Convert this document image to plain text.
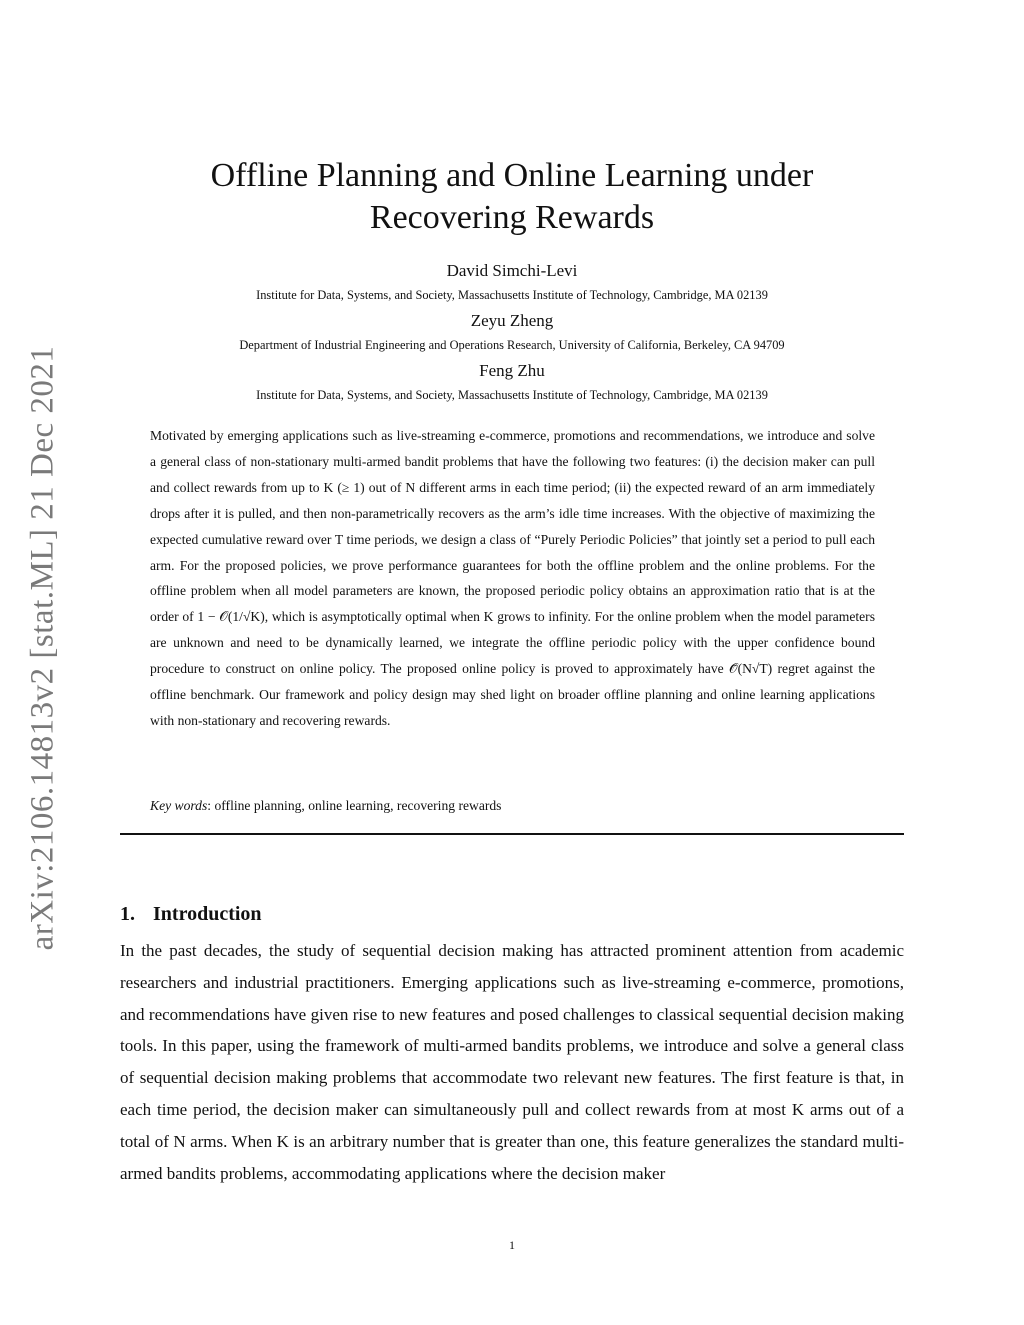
arXiv:2106.14813v2 [stat.ML] 21 Dec 2021
Offline Planning and Online Learning under
Recovering Rewards
David Simchi-Levi
Institute for Data, Systems, and Society, Massachusetts Institute of Technology, Cambridge, MA 02139
Zeyu Zheng
Department of Industrial Engineering and Operations Research, University of California, Berkeley, CA 94709
Feng Zhu
Institute for Data, Systems, and Society, Massachusetts Institute of Technology, Cambridge, MA 02139

Motivated by emerging applications such as live-streaming e-commerce, promotions and recommendations, we introduce and solve a general class of non-stationary multi-armed bandit problems that have the following two features: (i) the decision maker can pull and collect rewards from up to K (≥ 1) out of N different arms in each time period; (ii) the expected reward of an arm immediately drops after it is pulled, and then non-parametrically recovers as the arm’s idle time increases. With the objective of maximizing the expected cumulative reward over T time periods, we design a class of “Purely Periodic Policies” that jointly set a period to pull each arm. For the proposed policies, we prove performance guarantees for both the offline problem and the online problems. For the offline problem when all model parameters are known, the proposed periodic policy obtains an approximation ratio that is at the order of 1 − 𝒪(1/√K), which is asymptotically optimal when K grows to infinity. For the online problem when the model parameters are unknown and need to be dynamically learned, we integrate the offline periodic policy with the upper confidence bound procedure to construct on online policy. The proposed online policy is proved to approximately have 𝒪̃(N√T) regret against the offline benchmark. Our framework and policy design may shed light on broader offline planning and online learning applications with non-stationary and recovering rewards.

Key words: offline planning, online learning, recovering rewards
1. Introduction

In the past decades, the study of sequential decision making has attracted prominent attention from academic researchers and industrial practitioners. Emerging applications such as live-streaming e-commerce, promotions, and recommendations have given rise to new features and posed challenges to classical sequential decision making tools. In this paper, using the framework of multi-armed bandits problems, we introduce and solve a general class of sequential decision making problems that accommodate two relevant new features. The first feature is that, in each time period, the decision maker can simultaneously pull and collect rewards from at most K arms out of a total of N arms. When K is an arbitrary number that is greater than one, this feature generalizes the standard multi-armed bandits problems, accommodating applications where the decision maker

1
